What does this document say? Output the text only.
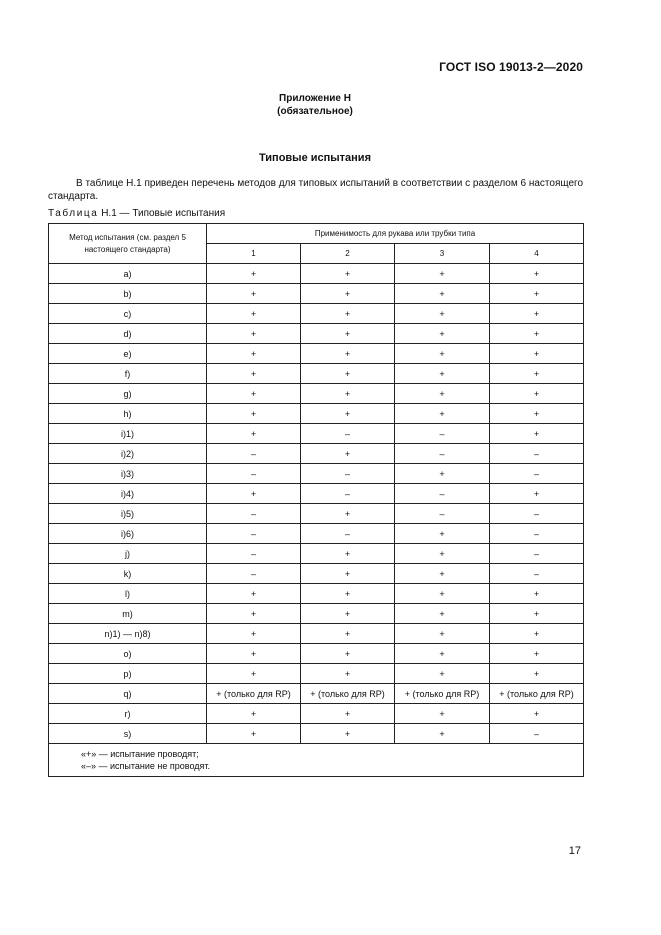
ГОСТ ISO 19013-2—2020
Приложение Н
(обязательное)
Типовые испытания
В таблице Н.1 приведен перечень методов для типовых испытаний в соответствии с разделом 6 настоящего стандарта.
Таблица Н.1 — Типовые испытания
Метод испытания (см. раздел 5 настоящего стандарта)	Применимость для рукава или трубки типа			
	1	2	3	4
a)	+	+	+	+
b)	+	+	+	+
c)	+	+	+	+
d)	+	+	+	+
e)	+	+	+	+
f)	+	+	+	+
g)	+	+	+	+
h)	+	+	+	+
i)1)	+	–	–	+
i)2)	–	+	–	–
i)3)	–	–	+	–
i)4)	+	–	–	+
i)5)	–	+	–	–
i)6)	–	–	+	–
j)	–	+	+	–
k)	–	+	+	–
l)	+	+	+	+
m)	+	+	+	+
n)1) — n)8)	+	+	+	+
o)	+	+	+	+
p)	+	+	+	+
q)	+ (только для RP)	+ (только для RP)	+ (только для RP)	+ (только для RP)
r)	+	+	+	+
s)	+	+	+	–

«+» — испытание проводят;
«–» — испытание не проводят.				
17
